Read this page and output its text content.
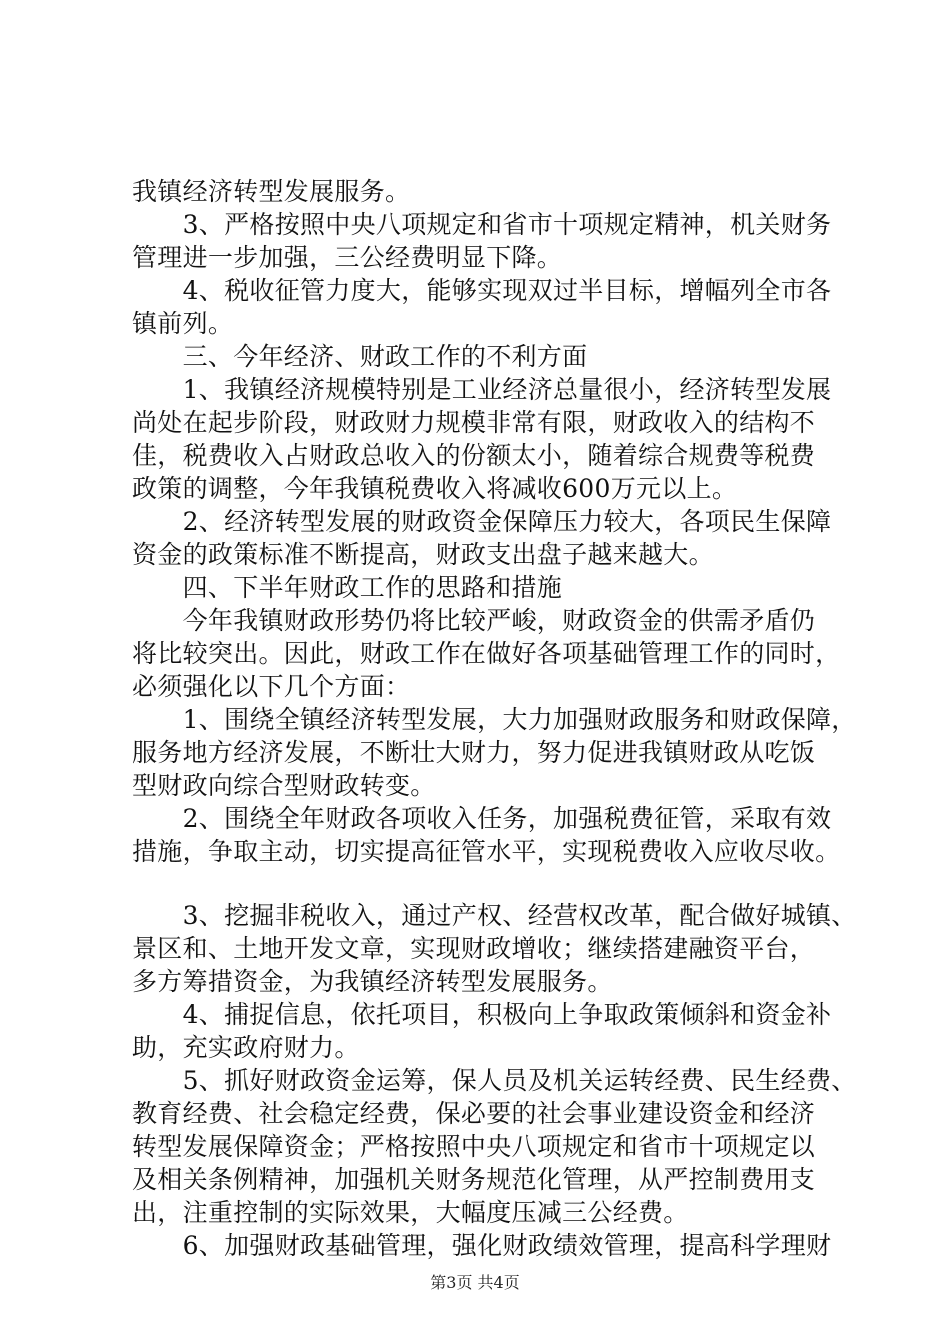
我镇经济转型发展服务。
　　3、严格按照中央八项规定和省市十项规定精神，机关财务
管理进一步加强，三公经费明显下降。
　　4、税收征管力度大，能够实现双过半目标，增幅列全市各
镇前列。
　　三、今年经济、财政工作的不利方面
　　1、我镇经济规模特别是工业经济总量很小，经济转型发展
尚处在起步阶段，财政财力规模非常有限，财政收入的结构不
佳，税费收入占财政总收入的份额太小，随着综合规费等税费
政策的调整，今年我镇税费收入将减收600万元以上。
　　2、经济转型发展的财政资金保障压力较大，各项民生保障
资金的政策标准不断提高，财政支出盘子越来越大。
　　四、下半年财政工作的思路和措施
　　今年我镇财政形势仍将比较严峻，财政资金的供需矛盾仍
将比较突出。因此，财政工作在做好各项基础管理工作的同时，
必须强化以下几个方面：
　　1、围绕全镇经济转型发展，大力加强财政服务和财政保障，
服务地方经济发展，不断壮大财力，努力促进我镇财政从吃饭
型财政向综合型财政转变。
　　2、围绕全年财政各项收入任务，加强税费征管，采取有效
措施，争取主动，切实提高征管水平，实现税费收入应收尽收。
　　3、挖掘非税收入，通过产权、经营权改革，配合做好城镇、
景区和、土地开发文章，实现财政增收；继续搭建融资平台，
多方筹措资金，为我镇经济转型发展服务。
　　4、捕捉信息，依托项目，积极向上争取政策倾斜和资金补
助，充实政府财力。
　　5、抓好财政资金运筹，保人员及机关运转经费、民生经费、
教育经费、社会稳定经费，保必要的社会事业建设资金和经济
转型发展保障资金；严格按照中央八项规定和省市十项规定以
及相关条例精神，加强机关财务规范化管理，从严控制费用支
出，注重控制的实际效果，大幅度压减三公经费。
第3页 共4页
　　6、加强财政基础管理，强化财政绩效管理，提高科学理财
